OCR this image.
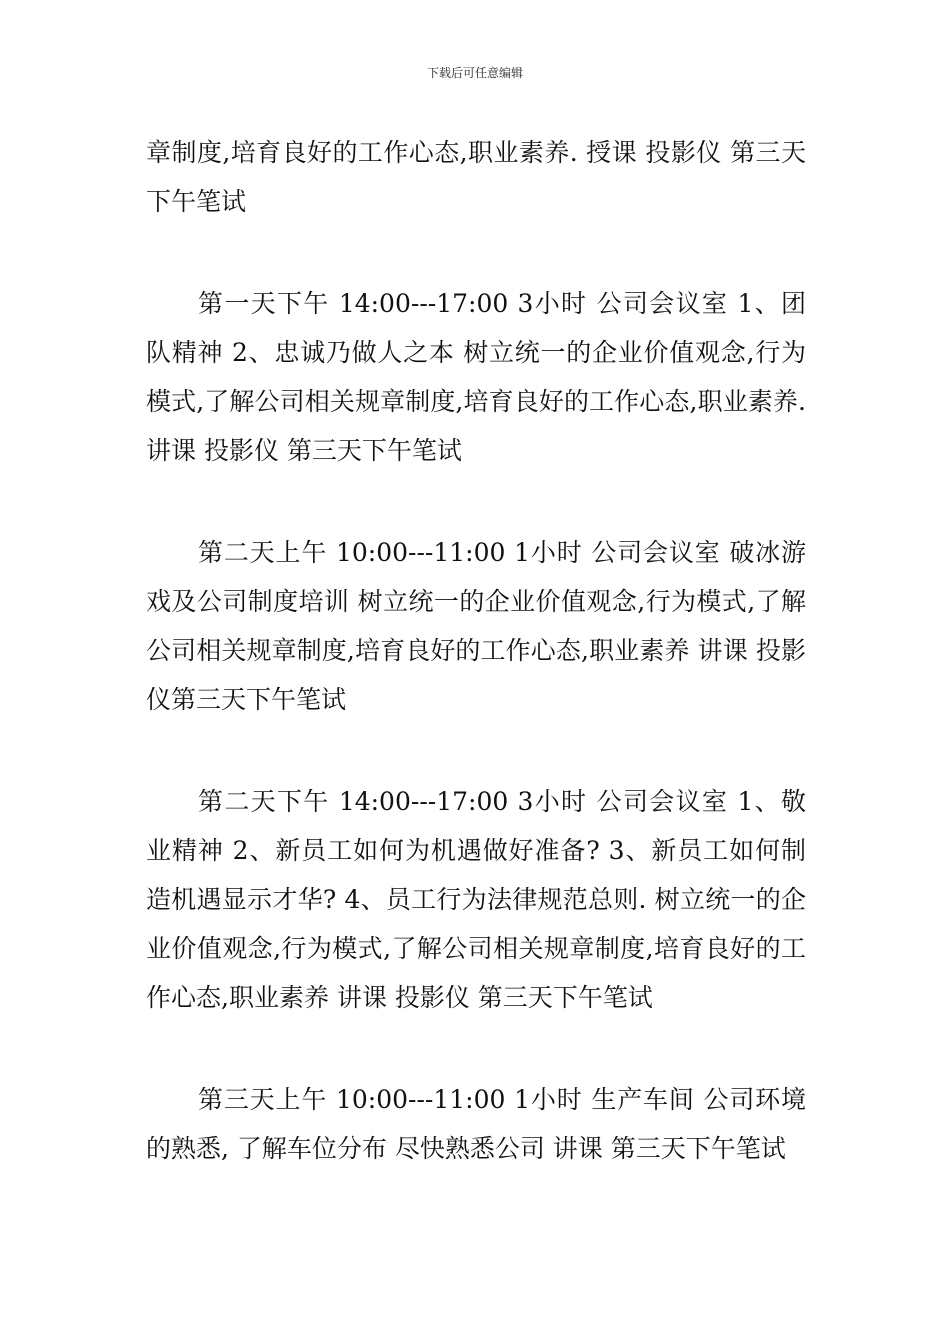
下载后可任意编辑

章制度,培育良好的工作心态,职业素养. 授课 投影仪 第三天下午笔试

第一天下午 14:00---17:00 3小时 公司会议室 1、团队精神 2、忠诚乃做人之本 树立统一的企业价值观念,行为模式,了解公司相关规章制度,培育良好的工作心态,职业素养. 讲课 投影仪 第三天下午笔试

第二天上午 10:00---11:00 1小时 公司会议室 破冰游戏及公司制度培训 树立统一的企业价值观念,行为模式,了解公司相关规章制度,培育良好的工作心态,职业素养 讲课 投影仪第三天下午笔试

第二天下午 14:00---17:00 3小时 公司会议室 1、敬业精神 2、新员工如何为机遇做好准备? 3、新员工如何制造机遇显示才华? 4、员工行为法律规范总则. 树立统一的企业价值观念,行为模式,了解公司相关规章制度,培育良好的工作心态,职业素养 讲课 投影仪 第三天下午笔试

第三天上午 10:00---11:00 1小时 生产车间 公司环境的熟悉, 了解车位分布 尽快熟悉公司 讲课 第三天下午笔试
